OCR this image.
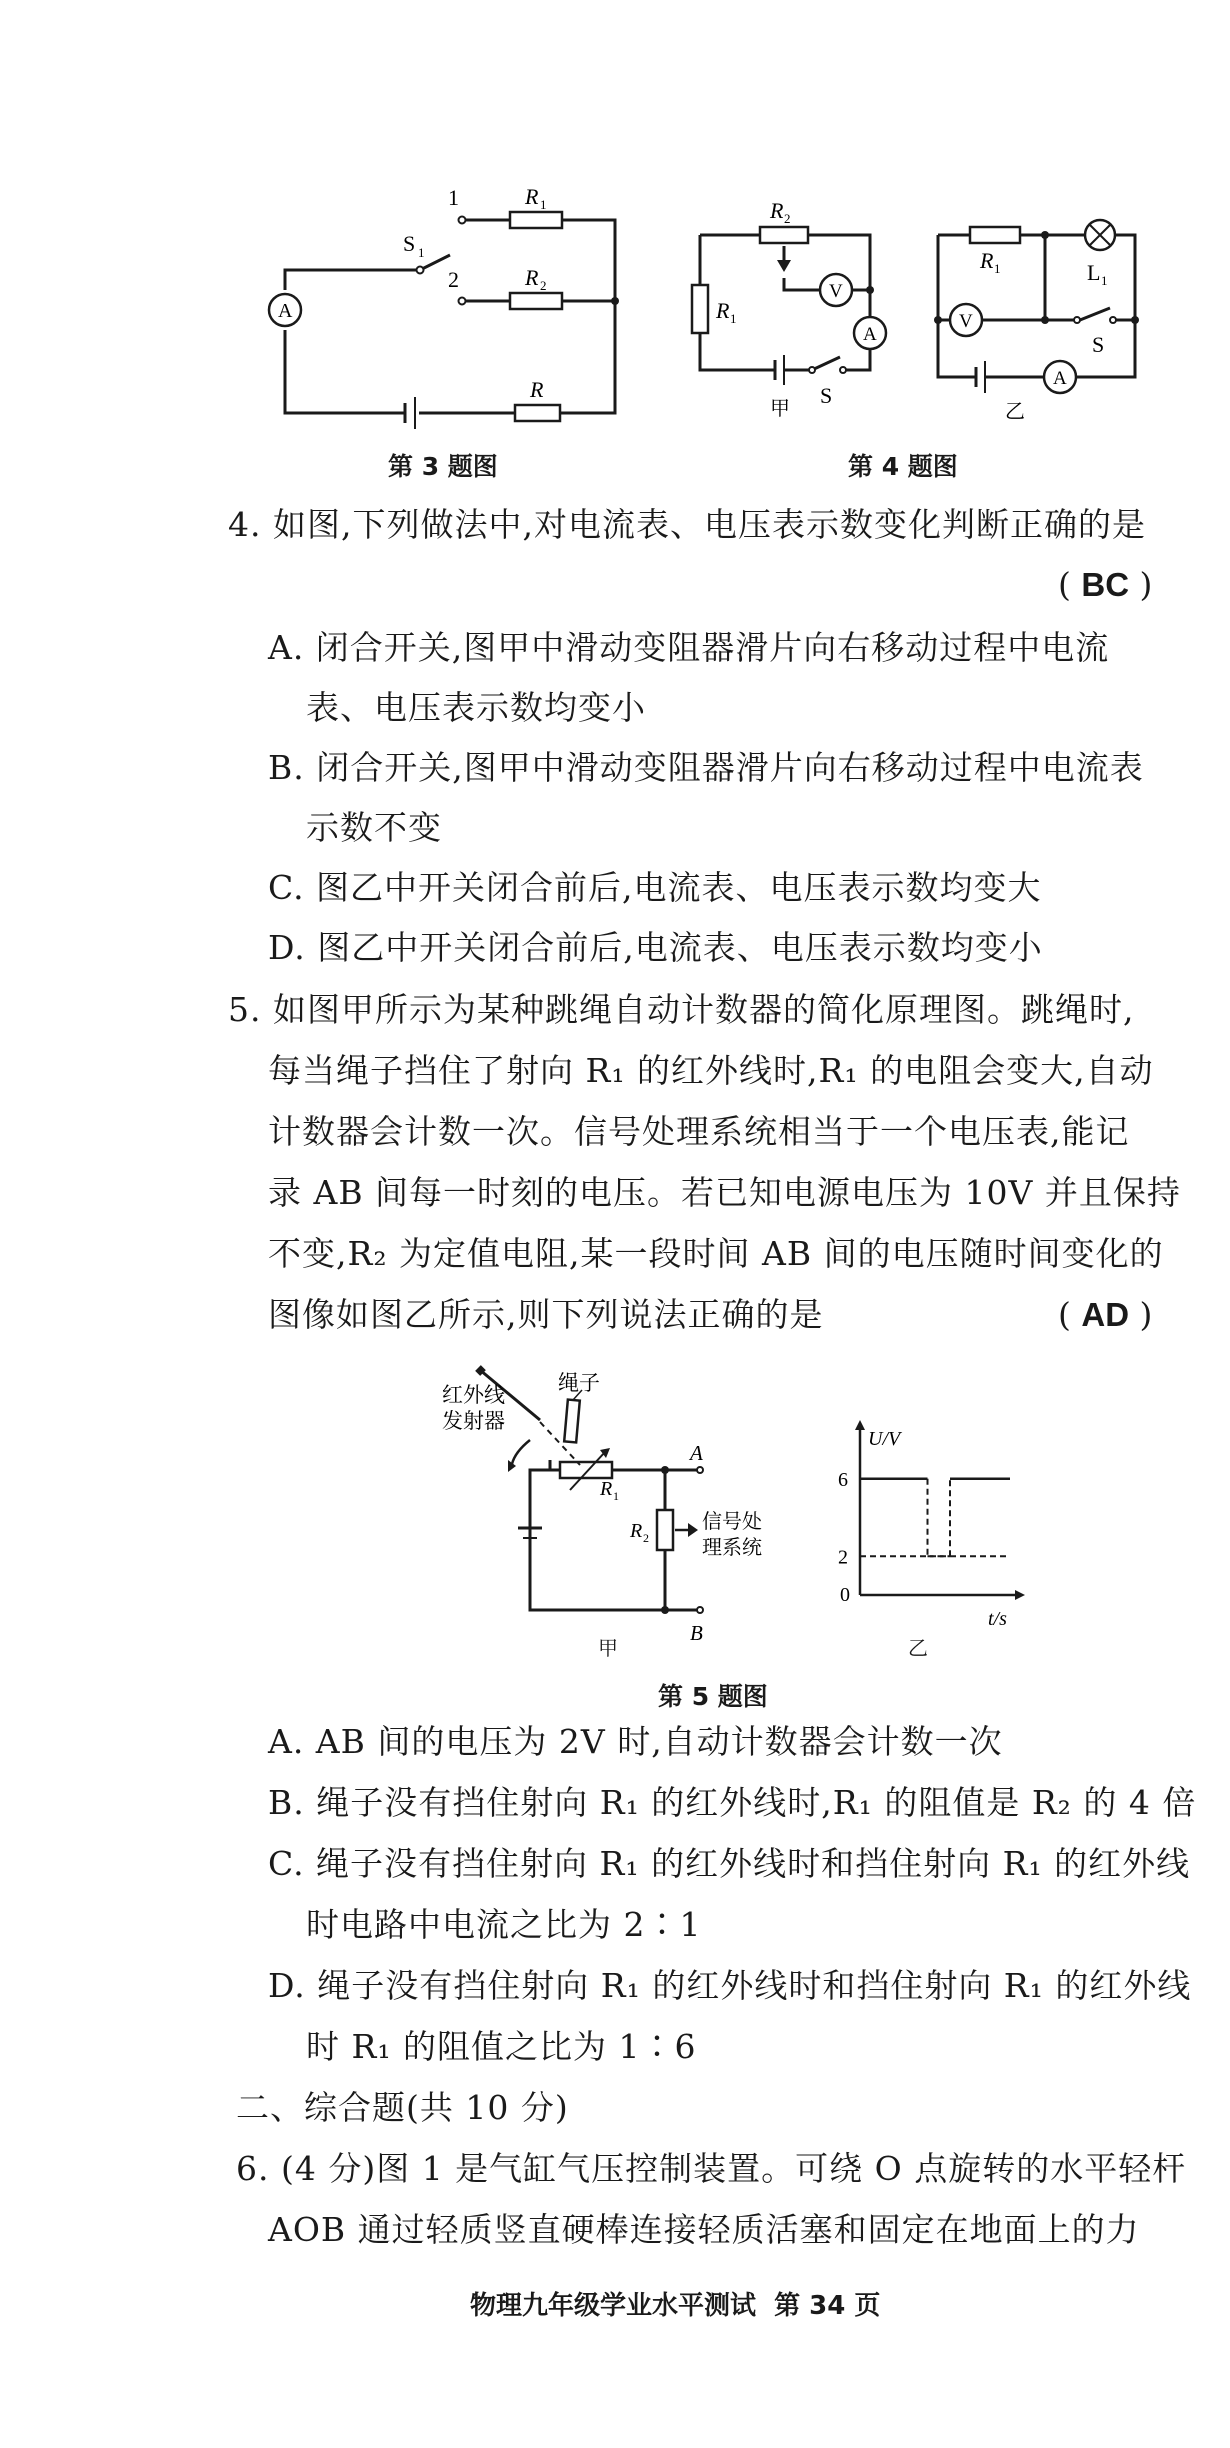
1
2
S 1
R 1
R 2
R
A
第 3 题图
R 2
R 1
V
A
S
R 1	L 1
V
A
S
甲	乙
第 4 题图
4. 如图,下列做法中,对电流表、电压表示数变化判断正确的是
( BC )
A. 闭合开关,图甲中滑动变阻器滑片向右移动过程中电流
表、电压表示数均变小
B. 闭合开关,图甲中滑动变阻器滑片向右移动过程中电流表
示数不变
C. 图乙中开关闭合前后,电流表、电压表示数均变大
D. 图乙中开关闭合前后,电流表、电压表示数均变小
5. 如图甲所示为某种跳绳自动计数器的简化原理图。跳绳时,
每当绳子挡住了射向 R₁ 的红外线时,R₁ 的电阻会变大,自动
计数器会计数一次。信号处理系统相当于一个电压表,能记
录 AB 间每一时刻的电压。若已知电源电压为 10V 并且保持
不变,R₂ 为定值电阻,某一段时间 AB 间的电压随时间变化的
图像如图乙所示,则下列说法正确的是	( AD )
红外线
发射器
绳子
A
B
R 1
R 2
信号处
理系统
甲
U/V
t/s
0
6
2
乙
第 5 题图
A. AB 间的电压为 2V 时,自动计数器会计数一次
B. 绳子没有挡住射向 R₁ 的红外线时,R₁ 的阻值是 R₂ 的 4 倍
C. 绳子没有挡住射向 R₁ 的红外线时和挡住射向 R₁ 的红外线
时电路中电流之比为 2∶1
D. 绳子没有挡住射向 R₁ 的红外线时和挡住射向 R₁ 的红外线
时 R₁ 的阻值之比为 1∶6
二、综合题(共 10 分)
6. (4 分)图 1 是气缸气压控制装置。可绕 O 点旋转的水平轻杆
AOB 通过轻质竖直硬棒连接轻质活塞和固定在地面上的力
物理九年级学业水平测试 第 34 页
